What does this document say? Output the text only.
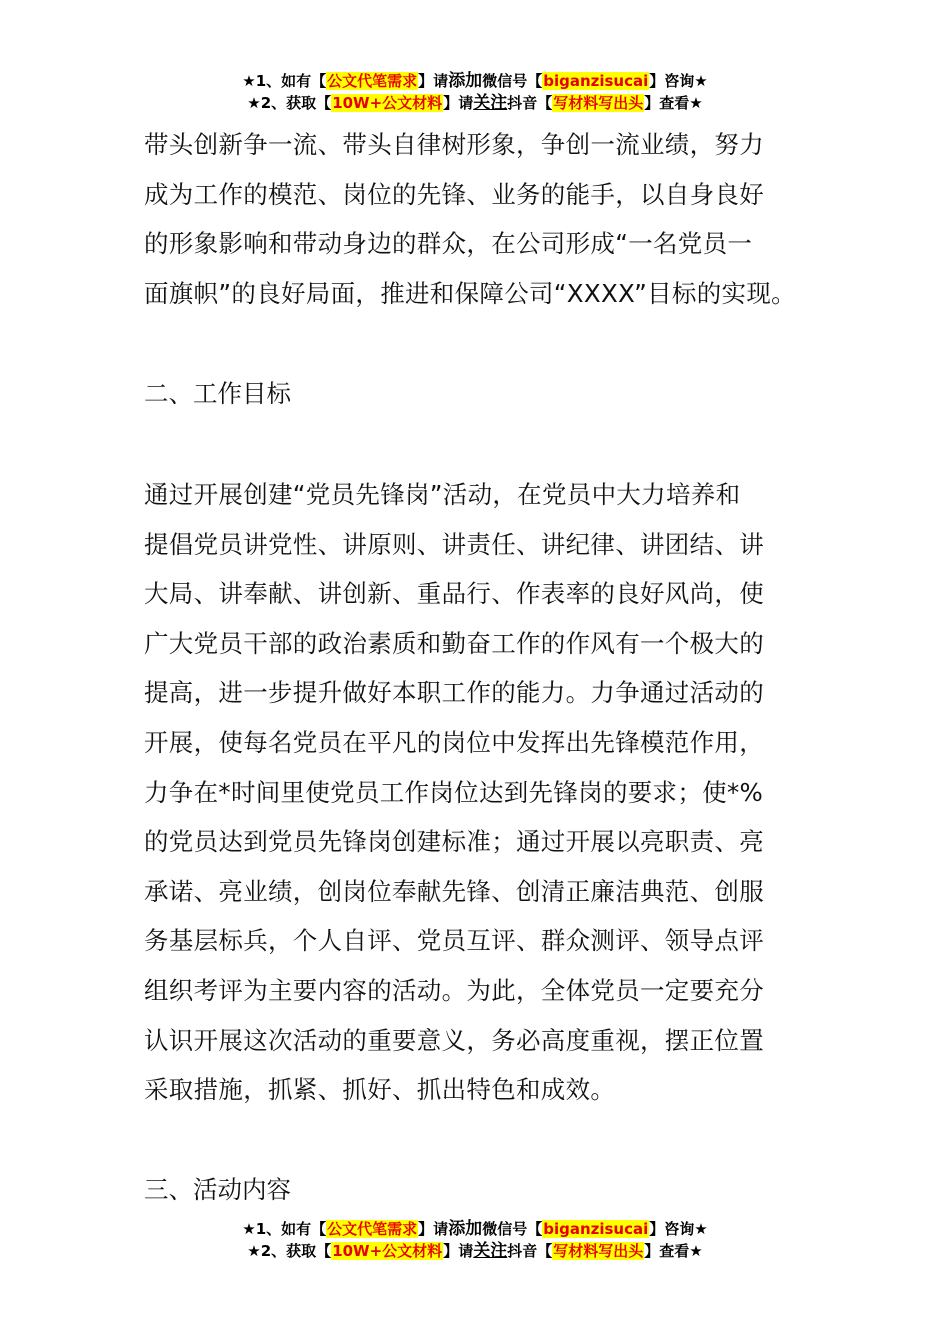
★1、如有【公文代笔需求】请添加微信号【biganzisucai】咨询★
★2、获取【10W+公文材料】请关注抖音【写材料写出头】查看★

带头创新争一流、带头自律树形象，争创一流业绩，努力

成为工作的模范、岗位的先锋、业务的能手，以自身良好

的形象影响和带动身边的群众，在公司形成“一名党员一

面旗帜”的良好局面，推进和保障公司“XXXX”目标的实现。

二、工作目标

通过开展创建“党员先锋岗”活动，在党员中大力培养和

提倡党员讲党性、讲原则、讲责任、讲纪律、讲团结、讲

大局、讲奉献、讲创新、重品行、作表率的良好风尚，使

广大党员干部的政治素质和勤奋工作的作风有一个极大的

提高，进一步提升做好本职工作的能力。力争通过活动的

开展，使每名党员在平凡的岗位中发挥出先锋模范作用，

力争在*时间里使党员工作岗位达到先锋岗的要求；使*%

的党员达到党员先锋岗创建标准；通过开展以亮职责、亮

承诺、亮业绩，创岗位奉献先锋、创清正廉洁典范、创服

务基层标兵，个人自评、党员互评、群众测评、领导点评

组织考评为主要内容的活动。为此，全体党员一定要充分

认识开展这次活动的重要意义，务必高度重视，摆正位置

采取措施，抓紧、抓好、抓出特色和成效。

三、活动内容
★1、如有【公文代笔需求】请添加微信号【biganzisucai】咨询★
★2、获取【10W+公文材料】请关注抖音【写材料写出头】查看★
